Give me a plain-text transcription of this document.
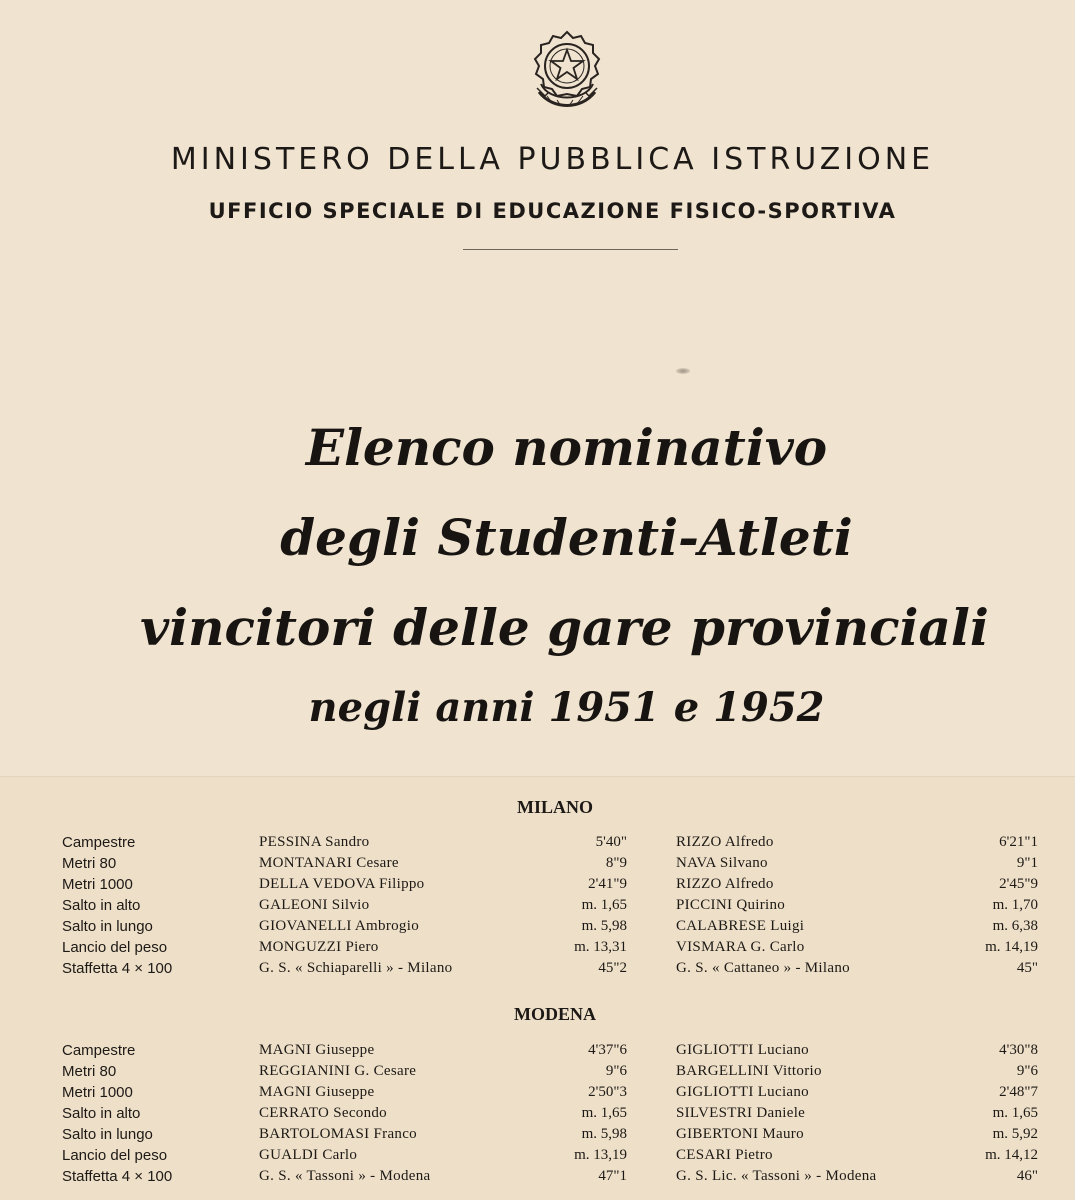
MINISTERO DELLA PUBBLICA ISTRUZIONE
UFFICIO SPECIALE DI EDUCAZIONE FISICO-SPORTIVA
Elenco nominativo
degli Studenti-Atleti
vincitori delle gare provinciali
negli anni 1951 e 1952
MILANO
Campestre	PESSINA Sandro	5'40"	RIZZO Alfredo	6'21"1
Metri 80	MONTANARI Cesare	8"9	NAVA Silvano	9"1
Metri 1000	DELLA VEDOVA Filippo	2'41"9	RIZZO Alfredo	2'45"9
Salto in alto	GALEONI Silvio	m. 1,65	PICCINI Quirino	m. 1,70
Salto in lungo	GIOVANELLI Ambrogio	m. 5,98	CALABRESE Luigi	m. 6,38
Lancio del peso	MONGUZZI Piero	m. 13,31	VISMARA G. Carlo	m. 14,19
Staffetta 4 × 100	G. S. « Schiaparelli » - Milano	45"2	G. S. « Cattaneo » - Milano	45"
MODENA
Campestre	MAGNI Giuseppe	4'37"6	GIGLIOTTI Luciano	4'30"8
Metri 80	REGGIANINI G. Cesare	9"6	BARGELLINI Vittorio	9"6
Metri 1000	MAGNI Giuseppe	2'50"3	GIGLIOTTI Luciano	2'48"7
Salto in alto	CERRATO Secondo	m. 1,65	SILVESTRI Daniele	m. 1,65
Salto in lungo	BARTOLOMASI Franco	m. 5,98	GIBERTONI Mauro	m. 5,92
Lancio del peso	GUALDI Carlo	m. 13,19	CESARI Pietro	m. 14,12
Staffetta 4 × 100	G. S. « Tassoni » - Modena	47"1	G. S. Lic. « Tassoni » - Modena	46"
